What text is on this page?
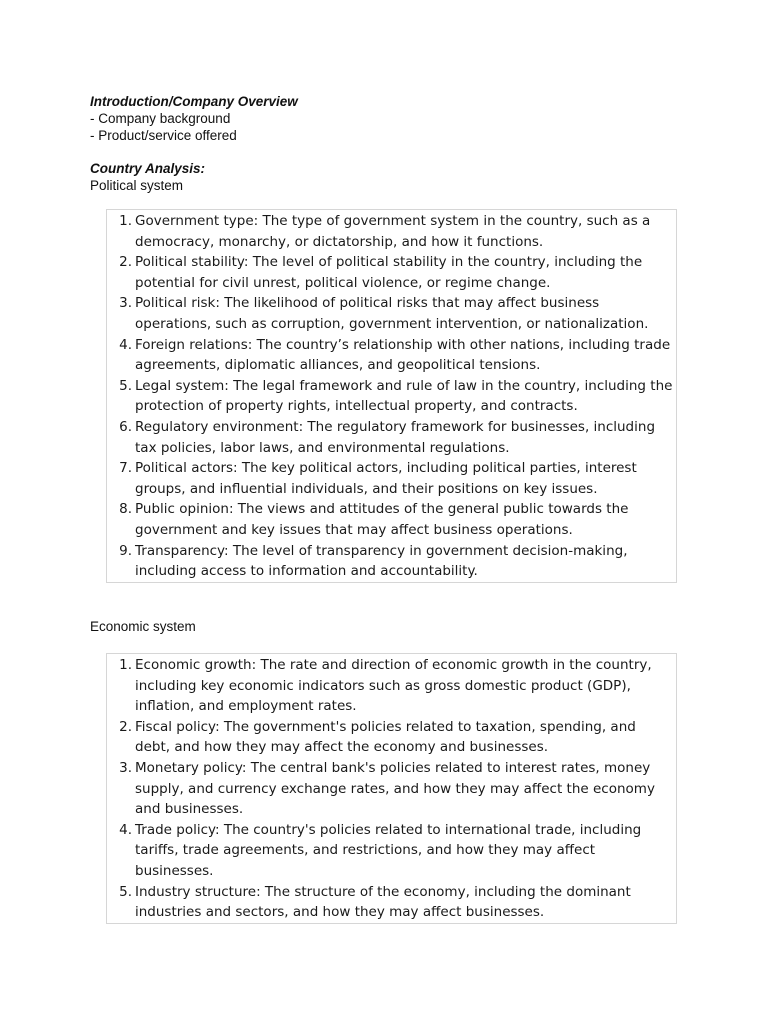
Introduction/Company Overview
- Company background
- Product/service offered
Country Analysis:
Political system
1. Government type: The type of government system in the country, such as a democracy, monarchy, or dictatorship, and how it functions.
2. Political stability: The level of political stability in the country, including the potential for civil unrest, political violence, or regime change.
3. Political risk: The likelihood of political risks that may affect business operations, such as corruption, government intervention, or nationalization.
4. Foreign relations: The country’s relationship with other nations, including trade agreements, diplomatic alliances, and geopolitical tensions.
5. Legal system: The legal framework and rule of law in the country, including the protection of property rights, intellectual property, and contracts.
6. Regulatory environment: The regulatory framework for businesses, including tax policies, labor laws, and environmental regulations.
7. Political actors: The key political actors, including political parties, interest groups, and influential individuals, and their positions on key issues.
8. Public opinion: The views and attitudes of the general public towards the government and key issues that may affect business operations.
9. Transparency: The level of transparency in government decision-making, including access to information and accountability.
Economic system
1. Economic growth: The rate and direction of economic growth in the country, including key economic indicators such as gross domestic product (GDP), inflation, and employment rates.
2. Fiscal policy: The government's policies related to taxation, spending, and debt, and how they may affect the economy and businesses.
3. Monetary policy: The central bank's policies related to interest rates, money supply, and currency exchange rates, and how they may affect the economy and businesses.
4. Trade policy: The country's policies related to international trade, including tariffs, trade agreements, and restrictions, and how they may affect businesses.
5. Industry structure: The structure of the economy, including the dominant industries and sectors, and how they may affect businesses.
